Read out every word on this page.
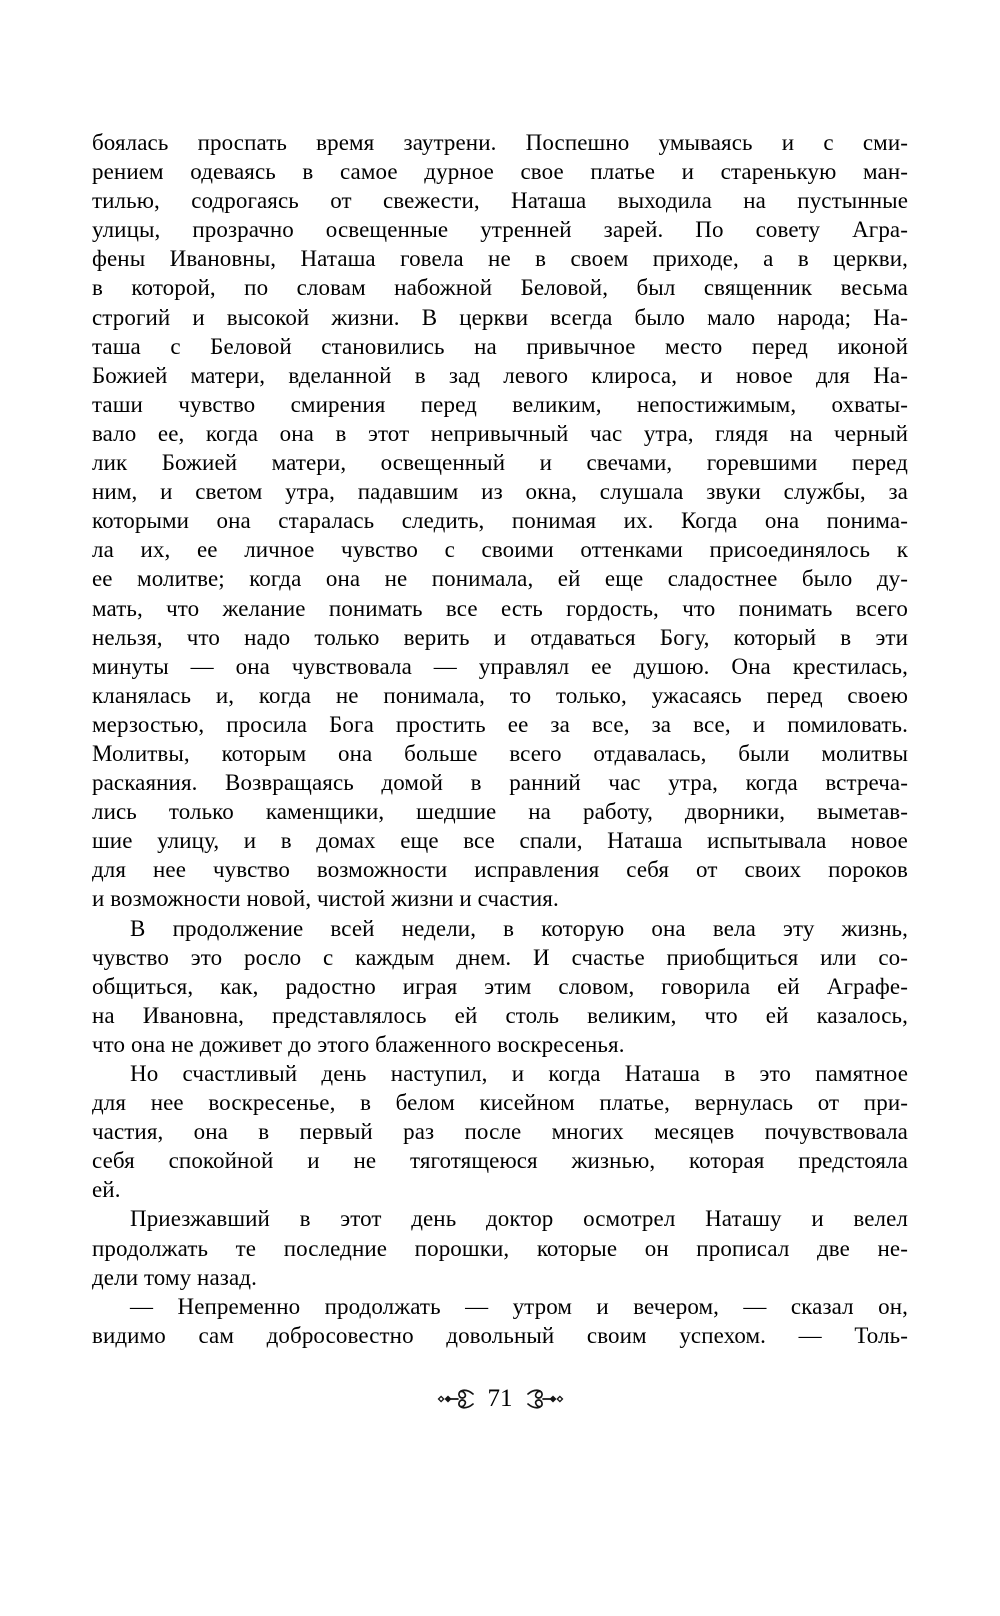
боялась проспать время заутрени. Поспешно умываясь и с сми-
рением одеваясь в самое дурное свое платье и старенькую ман-
тилью, содрогаясь от свежести, Наташа выходила на пустынные
улицы, прозрачно освещенные утренней зарей. По совету Агра-
фены Ивановны, Наташа говела не в своем приходе, а в церкви,
в которой, по словам набожной Беловой, был священник весьма
строгий и высокой жизни. В церкви всегда было мало народа; На-
таша с Беловой становились на привычное место перед иконой
Божией матери, вделанной в зад левого клироса, и новое для На-
таши чувство смирения перед великим, непостижимым, охваты-
вало ее, когда она в этот непривычный час утра, глядя на черный
лик Божией матери, освещенный и свечами, горевшими перед
ним, и светом утра, падавшим из окна, слушала звуки службы, за
которыми она старалась следить, понимая их. Когда она понима-
ла их, ее личное чувство с своими оттенками присоединялось к
ее молитве; когда она не понимала, ей еще сладостнее было ду-
мать, что желание понимать все есть гордость, что понимать всего
нельзя, что надо только верить и отдаваться Богу, который в эти
минуты — она чувствовала — управлял ее душою. Она крестилась,
кланялась и, когда не понимала, то только, ужасаясь перед своею
мерзостью, просила Бога простить ее за все, за все, и помиловать.
Молитвы, которым она больше всего отдавалась, были молитвы
раскаяния. Возвращаясь домой в ранний час утра, когда встреча-
лись только каменщики, шедшие на работу, дворники, выметав-
шие улицу, и в домах еще все спали, Наташа испытывала новое
для нее чувство возможности исправления себя от своих пороков
и возможности новой, чистой жизни и счастия.
В продолжение всей недели, в которую она вела эту жизнь,
чувство это росло с каждым днем. И счастье приобщиться или со-
общиться, как, радостно играя этим словом, говорила ей Аграфе-
на Ивановна, представлялось ей столь великим, что ей казалось,
что она не доживет до этого блаженного воскресенья.
Но счастливый день наступил, и когда Наташа в это памятное
для нее воскресенье, в белом кисейном платье, вернулась от при-
частия, она в первый раз после многих месяцев почувствовала
себя спокойной и не тяготящеюся жизнью, которая предстояла
ей.
Приезжавший в этот день доктор осмотрел Наташу и велел
продолжать те последние порошки, которые он прописал две не-
дели тому назад.
— Непременно продолжать — утром и вечером, — сказал он,
видимо сам добросовестно довольный своим успехом. — Толь-
71
